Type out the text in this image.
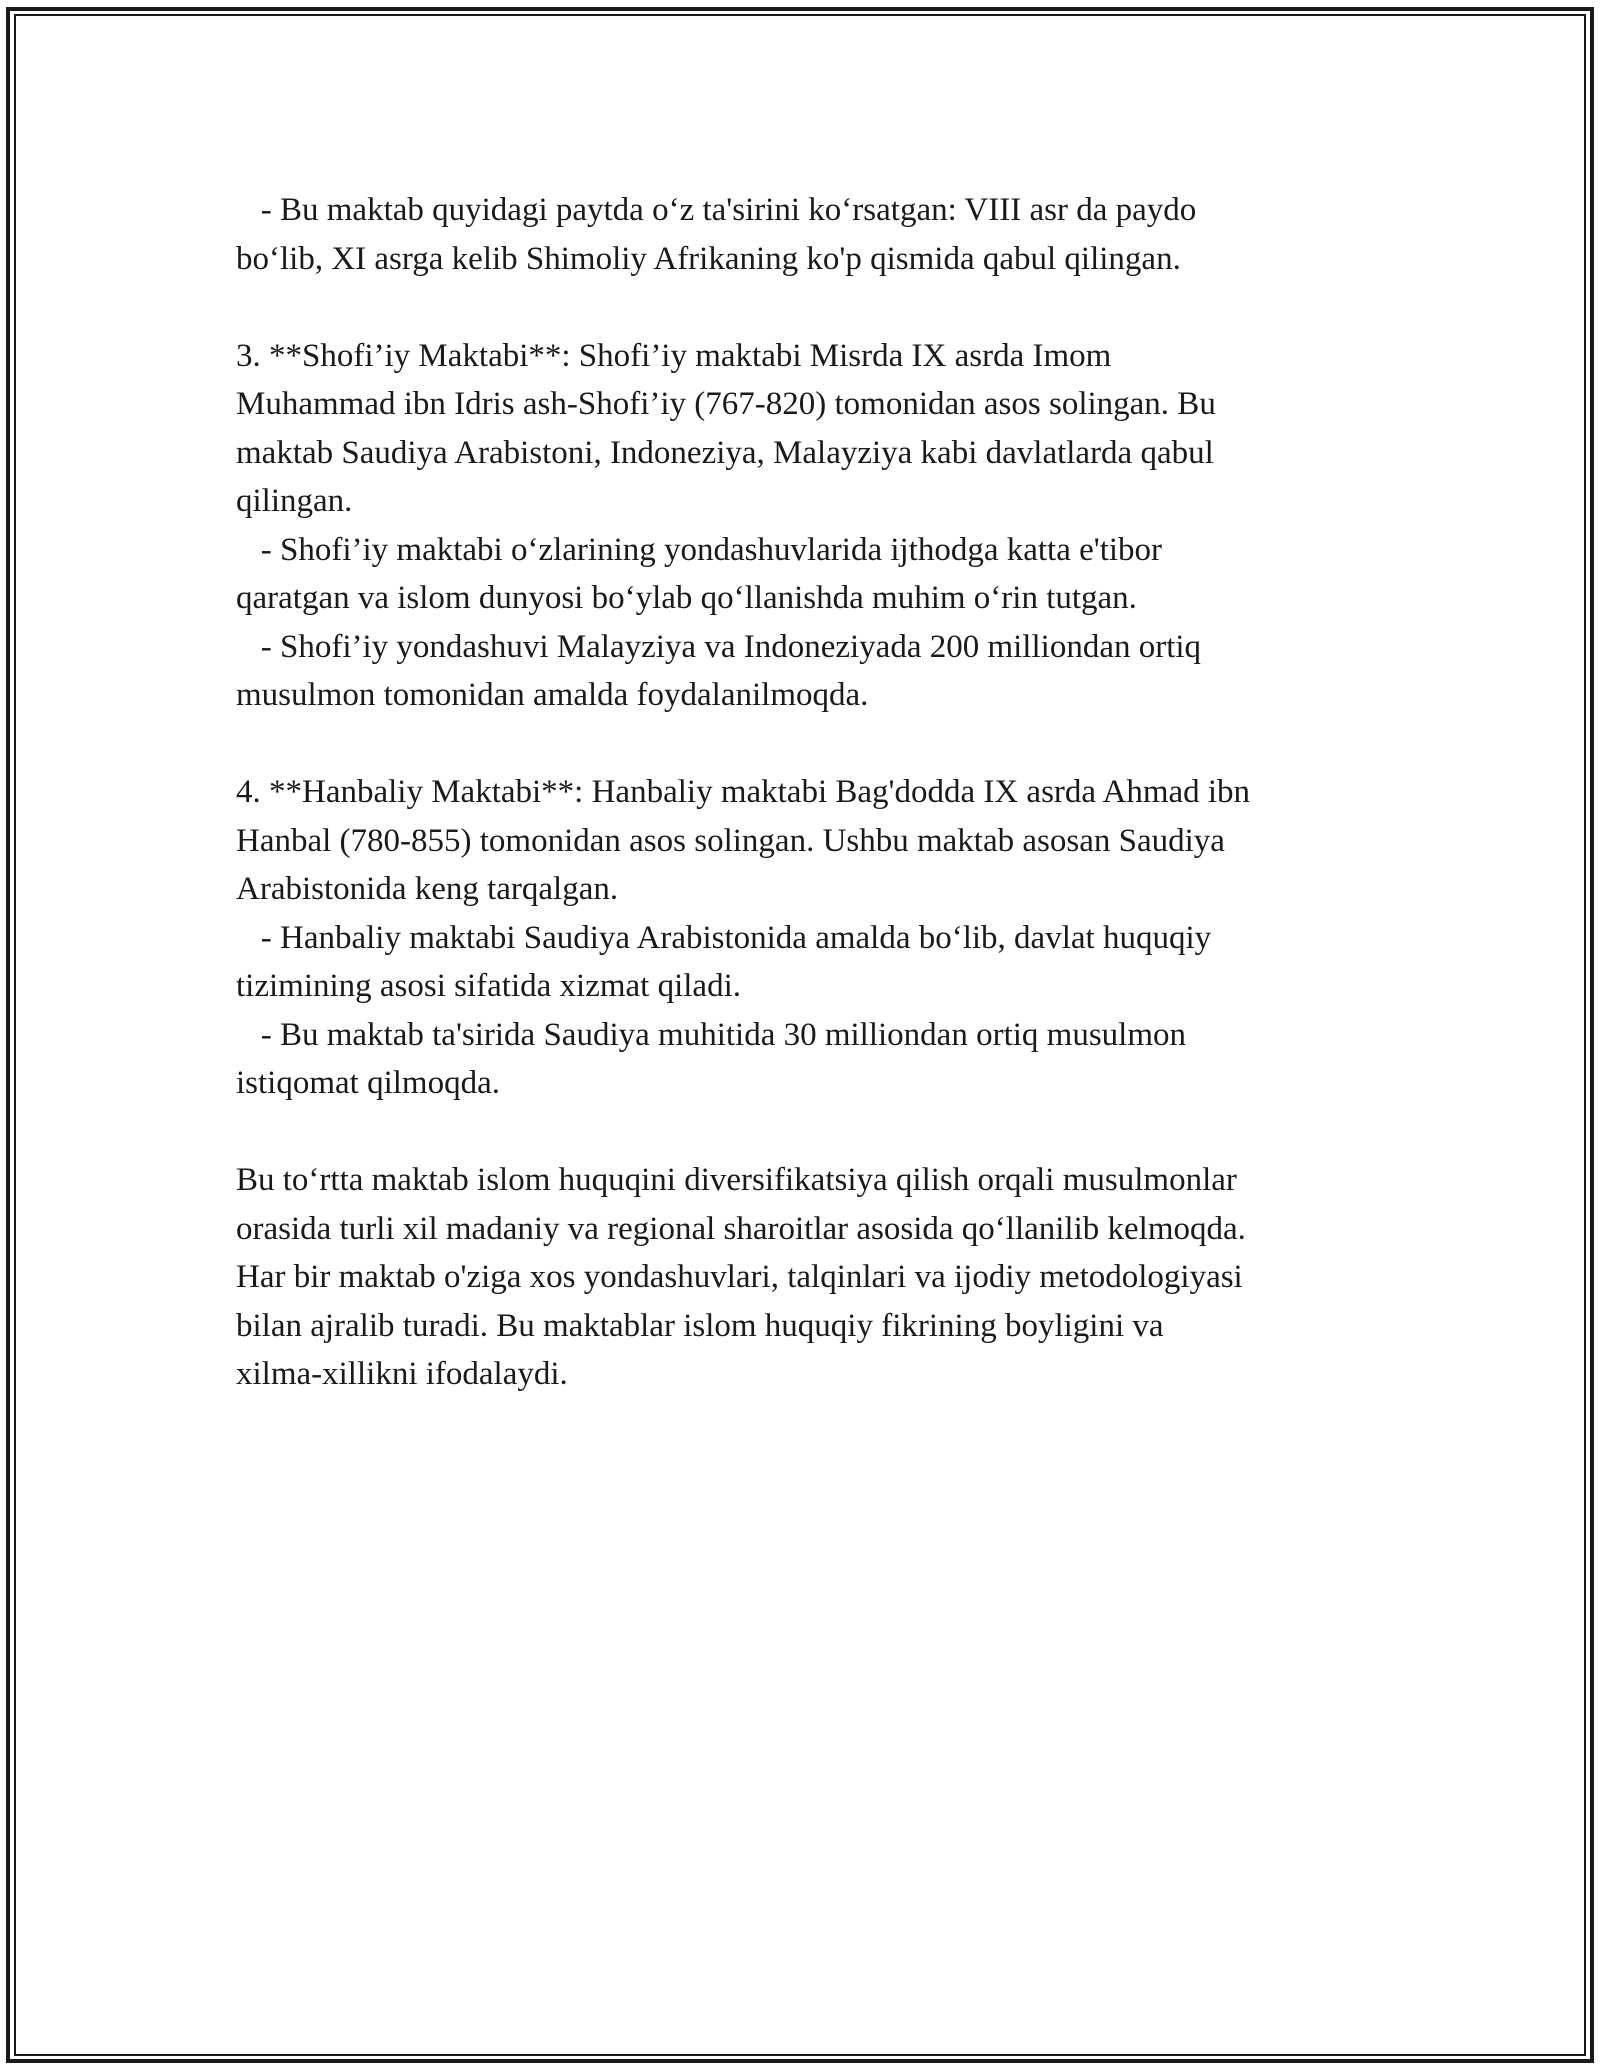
- Bu maktab quyidagi paytda o‘z ta'sirini ko‘rsatgan: VIII asr da paydo
bo‘lib, XI asrga kelib Shimoliy Afrikaning ko'p qismida qabul qilingan.

3. **Shofi’iy Maktabi**: Shofi’iy maktabi Misrda IX asrda Imom
Muhammad ibn Idris ash-Shofi’iy (767-820) tomonidan asos solingan. Bu
maktab Saudiya Arabistoni, Indoneziya, Malayziya kabi davlatlarda qabul
qilingan.
- Shofi’iy maktabi o‘zlarining yondashuvlarida ijthodga katta e'tibor
qaratgan va islom dunyosi bo‘ylab qo‘llanishda muhim o‘rin tutgan.
- Shofi’iy yondashuvi Malayziya va Indoneziyada 200 milliondan ortiq
musulmon tomonidan amalda foydalanilmoqda.

4. **Hanbaliy Maktabi**: Hanbaliy maktabi Bag'dodda IX asrda Ahmad ibn
Hanbal (780-855) tomonidan asos solingan. Ushbu maktab asosan Saudiya
Arabistonida keng tarqalgan.
- Hanbaliy maktabi Saudiya Arabistonida amalda bo‘lib, davlat huquqiy
tizimining asosi sifatida xizmat qiladi.
- Bu maktab ta'sirida Saudiya muhitida 30 milliondan ortiq musulmon
istiqomat qilmoqda.

Bu to‘rtta maktab islom huquqini diversifikatsiya qilish orqali musulmonlar
orasida turli xil madaniy va regional sharoitlar asosida qo‘llanilib kelmoqda.
Har bir maktab o'ziga xos yondashuvlari, talqinlari va ijodiy metodologiyasi
bilan ajralib turadi. Bu maktablar islom huquqiy fikrining boyligini va
xilma-xillikni ifodalaydi.
